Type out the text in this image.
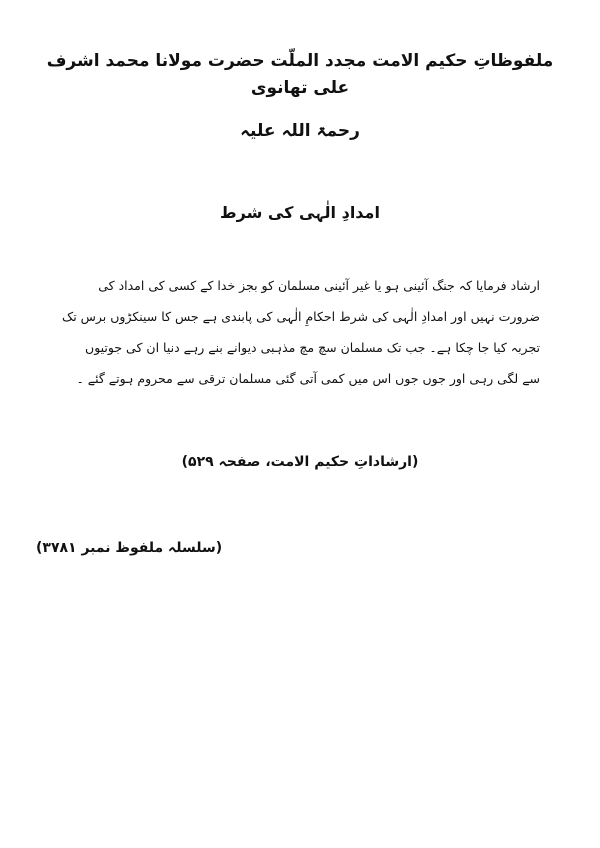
ملفوظاتِ حکیم الامت مجدد الملّت حضرت مولانا محمد اشرف علی تھانوی
رحمۃ اللہ علیہ
امدادِ الٰہی کی شرط
ارشاد فرمایا کہ جنگ آئینی ہو یا غیر آئینی مسلمان کو بجز خدا کے کسی کی امداد کی
ضرورت نہیں اور امدادِ الٰہی کی شرط احکامِ الٰہی کی پابندی ہے جس کا سینکڑوں برس تک
تجربہ کیا جا چکا ہے۔ جب تک مسلمان سچ مچ مذہبی دیوانے بنے رہے دنیا ان کی جوتیوں
سے لگی رہی اور جوں جوں اس میں کمی آتی گئی مسلمان ترقی سے محروم ہوتے گئے ۔
(ارشاداتِ حکیم الامت، صفحہ ۵۲۹)
(سلسلہ ملفوظ نمبر ۳۷۸۱)
